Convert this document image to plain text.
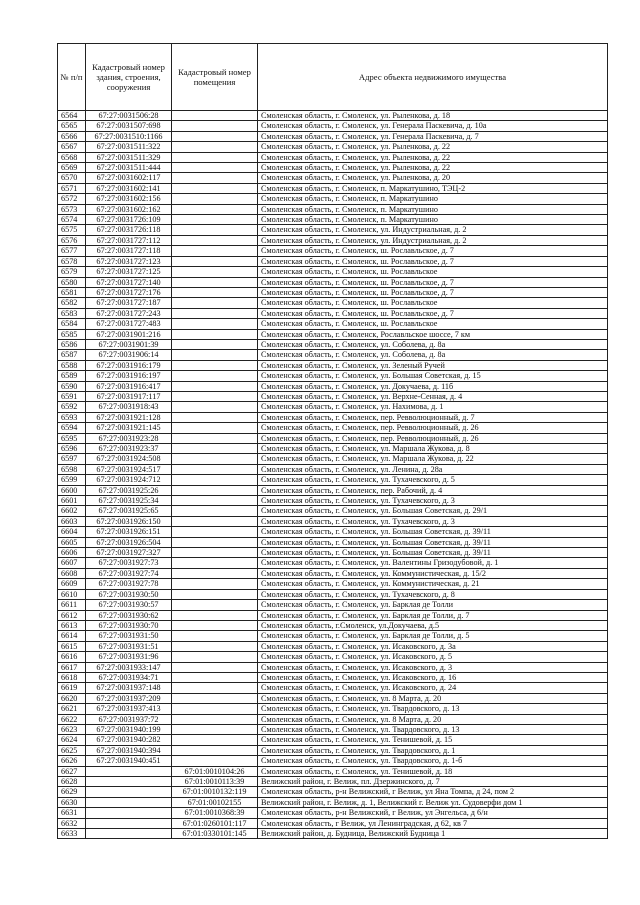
№ п/п	Кадастровый номер здания, строения, сооружения	Кадастровый номер помещения	Адрес объекта недвижимого имущества
6564	67:27:0031506:28		Смоленская область, г. Смоленск, ул. Рыленкова, д. 18
6565	67:27:0031507:698		Смоленская область, г. Смоленск, ул. Генерала Паскевича, д. 10а
6566	67:27:0031510:1166		Смоленская область, г. Смоленск, ул. Генерала Паскевича, д. 7
6567	67:27:0031511:322		Смоленская область, г. Смоленск, ул. Рыленкова, д. 22
6568	67:27:0031511:329		Смоленская область, г. Смоленск, ул. Рыленкова, д. 22
6569	67:27:0031511:444		Смоленская область, г. Смоленск, ул. Рыленкова, д. 22
6570	67:27:0031602:117		Смоленская область, г. Смоленск, ул. Рыленкова, д. 20
6571	67:27:0031602:141		Смоленская область, г. Смоленск, п. Маркатушино, ТЭЦ-2
6572	67:27:0031602:156		Смоленская область, г. Смоленск, п. Маркатушино
6573	67:27:0031602:162		Смоленская область, г. Смоленск, п. Маркатушино
6574	67:27:0031726:109		Смоленская область, г. Смоленск, п. Маркатушино
6575	67:27:0031726:118		Смоленская область, г. Смоленск, ул. Индустриальная, д. 2
6576	67:27:0031727:112		Смоленская область, г. Смоленск, ул. Индустриальная, д. 2
6577	67:27:0031727:118		Смоленская область, г. Смоленск, ш. Рославльское, д. 7
6578	67:27:0031727:123		Смоленская область, г. Смоленск, ш. Рославльское, д. 7
6579	67:27:0031727:125		Смоленская область, г. Смоленск, ш. Рославльское
6580	67:27:0031727:140		Смоленская область, г. Смоленск, ш. Рославльское, д. 7
6581	67:27:0031727:176		Смоленская область, г. Смоленск, ш. Рославльское, д. 7
6582	67:27:0031727:187		Смоленская область, г. Смоленск, ш. Рославльское
6583	67:27:0031727:243		Смоленская область, г. Смоленск, ш. Рославльское, д. 7
6584	67:27:0031727:483		Смоленская область, г. Смоленск, ш. Рославльское
6585	67:27:0031901:216		Смоленская область, г. Смоленск, Рославльское шоссе, 7 км
6586	67:27:0031901:39		Смоленская область, г. Смоленск, ул. Соболева, д. 8а
6587	67:27:0031906:14		Смоленская область, г. Смоленск, ул. Соболева, д. 8а
6588	67:27:0031916:179		Смоленская область, г. Смоленск, ул. Зеленый Ручей
6589	67:27:0031916:197		Смоленская область, г. Смоленск, ул. Большая Советская, д. 15
6590	67:27:0031916:417		Смоленская область, г. Смоленск, ул. Докучаева, д. 11б
6591	67:27:0031917:117		Смоленская область, г. Смоленск, ул. Верхне-Сенная, д. 4
6592	67:27:0031918:43		Смоленская область, г. Смоленск, ул. Нахимова, д. 1
6593	67:27:0031921:128		Смоленская область, г. Смоленск, пер. Ревволюционный, д. 7
6594	67:27:0031921:145		Смоленская область, г. Смоленск, пер. Ревволюционный, д. 26
6595	67:27:0031923:28		Смоленская область, г. Смоленск, пер. Ревволюционный, д. 26
6596	67:27:0031923:37		Смоленская область, г. Смоленск, ул. Маршала Жукова, д. 8
6597	67:27:0031924:508		Смоленская область, г. Смоленск, ул. Маршала Жукова, д. 22
6598	67:27:0031924:517		Смоленская область, г. Смоленск, ул. Ленина, д. 28а
6599	67:27:0031924:712		Смоленская область, г. Смоленск, ул. Тухачевского, д. 5
6600	67:27:0031925:26		Смоленская область, г. Смоленск, пер. Рабочий, д. 4
6601	67:27:0031925:34		Смоленская область, г. Смоленск, ул. Тухачевского, д. 3
6602	67:27:0031925:65		Смоленская область, г. Смоленск, ул. Большая Советская, д. 29/1
6603	67:27:0031926:150		Смоленская область, г. Смоленск, ул. Тухачевского, д. 3
6604	67:27:0031926:151		Смоленская область, г. Смоленск, ул. Большая Советская, д. 39/11
6605	67:27:0031926:504		Смоленская область, г. Смоленск, ул. Большая Советская, д. 39/11
6606	67:27:0031927:327		Смоленская область, г. Смоленск, ул. Большая Советская, д. 39/11
6607	67:27:0031927:73		Смоленская область, г. Смоленск, ул. Валентины Гризодубовой, д. 1
6608	67:27:0031927:74		Смоленская область, г. Смоленск, ул. Коммунистическая, д. 15/2
6609	67:27:0031927:78		Смоленская область, г. Смоленск, ул. Коммунистическая, д. 21
6610	67:27:0031930:50		Смоленская область, г. Смоленск, ул. Тухачевского, д. 8
6611	67:27:0031930:57		Смоленская область, г. Смоленск, ул. Барклая де Толли
6612	67:27:0031930:62		Смоленская область, г. Смоленск, ул. Барклая де Толли, д. 7
6613	67:27:0031930:70		Смоленская область, г.Смоленск, ул.Докучаева, д.5
6614	67:27:0031931:50		Смоленская область, г. Смоленск, ул. Барклая де Толли, д. 5
6615	67:27:0031931:51		Смоленская область, г. Смоленск, ул. Исаковского, д. 3а
6616	67:27:0031931:96		Смоленская область, г. Смоленск, ул. Исаковского, д. 5
6617	67:27:0031933:147		Смоленская область, г. Смоленск, ул. Исаковского, д. 3
6618	67:27:0031934:71		Смоленская область, г. Смоленск, ул. Исаковского, д. 16
6619	67:27:0031937:148		Смоленская область, г. Смоленск, ул. Исаковского, д. 24
6620	67:27:0031937:209		Смоленская область, г. Смоленск, ул. 8 Марта, д. 20
6621	67:27:0031937:413		Смоленская область, г. Смоленск, ул. Твардовского, д. 13
6622	67:27:0031937:72		Смоленская область, г. Смоленск, ул. 8 Марта, д. 20
6623	67:27:0031940:199		Смоленская область, г. Смоленск, ул. Твардовского, д. 13
6624	67:27:0031940:282		Смоленская область, г. Смоленск, ул. Тенишевой, д. 15
6625	67:27:0031940:394		Смоленская область, г. Смоленск, ул. Твардовского, д. 1
6626	67:27:0031940:451		Смоленская область, г. Смоленск, ул. Твардовского, д. 1-б
6627		67:01:0010104:26	Смоленская область, г. Смоленск, ул. Тенишевой, д. 18
6628		67:01:0010113:39	Велижский район, г. Велиж, пл. Дзержинского, д. 7
6629		67:01:0010132:119	Смоленская область, р-н Велижский, г Велиж, ул Яна Томпа, д 24, пом 2
6630		67:01:00102155	Велижский район, г. Велиж, д. 1, Велижский г. Велиж ул. Судоверфи дом 1
6631		67:01:0010368:39	Смоленская область, р-н Велижский, г Велиж, ул Энгельса, д 6/н
6632		67:01:0260101:117	Смоленская область, г Велиж, ул Ленинградская, д 62, кв 7
6633		67:01:0330101:145	Велижский район, д. Будница, Велижский Будница 1
